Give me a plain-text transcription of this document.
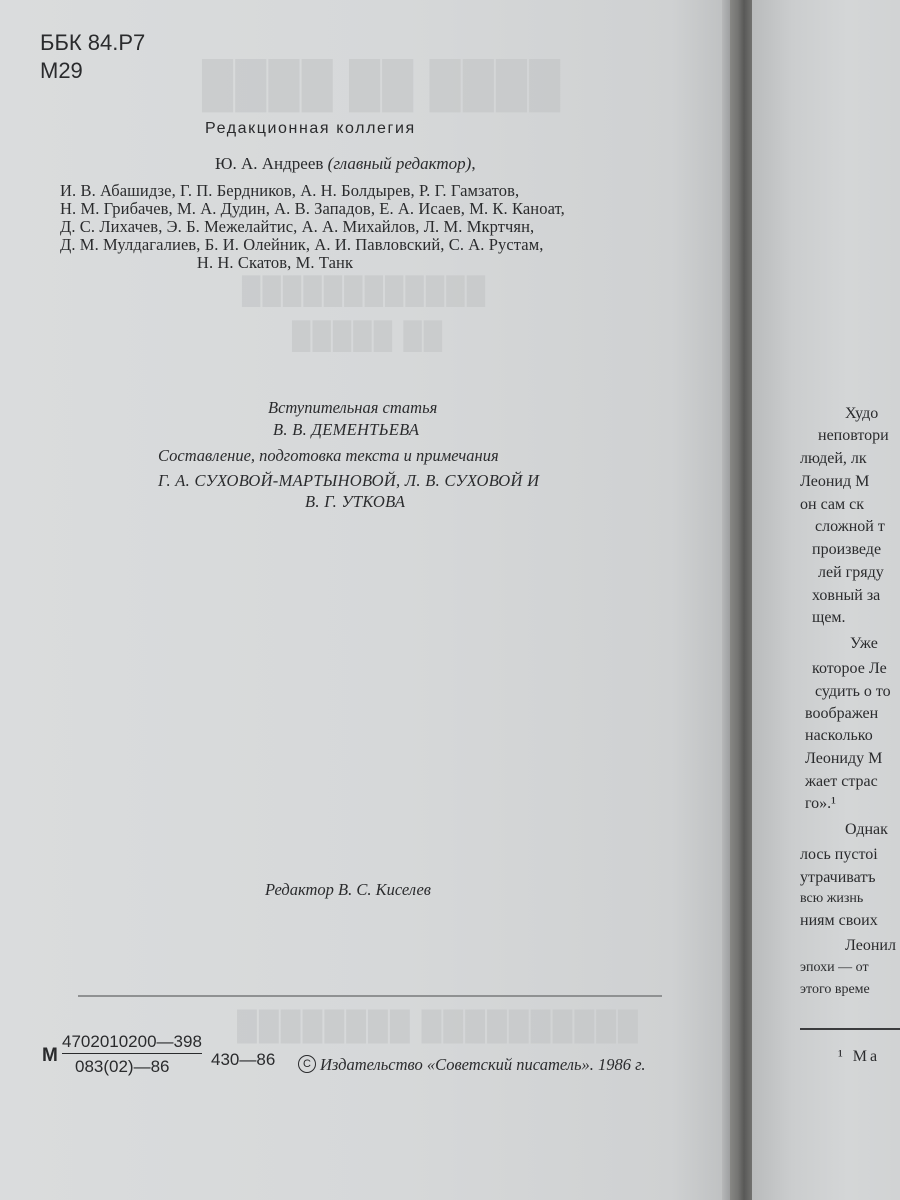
████ ██ ████
████████████
██ █████
██████████ ████████
ББК 84.Р7
М29
Редакционная коллегия
Ю. А. Андреев (главный редактор),
И. В. Абашидзе, Г. П. Бердников, А. Н. Болдырев, Р. Г. Гамзатов,
Н. М. Грибачев, М. А. Дудин, А. В. Западов, Е. А. Исаев, М. К. Каноат,
Д. С. Лихачев, Э. Б. Межелайтис, А. А. Михайлов, Л. М. Мкртчян,
Д. М. Мулдагалиев, Б. И. Олейник, А. И. Павловский, С. А. Рустам,
Н. Н. Скатов, М. Танк
Вступительная статья
В. В. ДЕМЕНТЬЕВА
Составление, подготовка текста и примечания
Г. А. СУХОВОЙ-МАРТЫНОВОЙ, Л. В. СУХОВОЙ И
В. Г. УТКОВА
Редактор В. С. Киселев
М
4702010200—398
083(02)—86 430—86	C Издательство «Советский писатель». 1986 г.
Худо
неповтори
людей, лк
Леонид М
он сам ск
сложной т
произведе
лей гряду
ховный за
щем.
Уже
которое Ле
судить о то
воображен
насколько
Леониду М
жает страс
го».¹
Однак
лось пустоі
утрачиватъ
всю жизнь
ниям своих
Леонил
эпохи — от
этого време
¹ Ма
